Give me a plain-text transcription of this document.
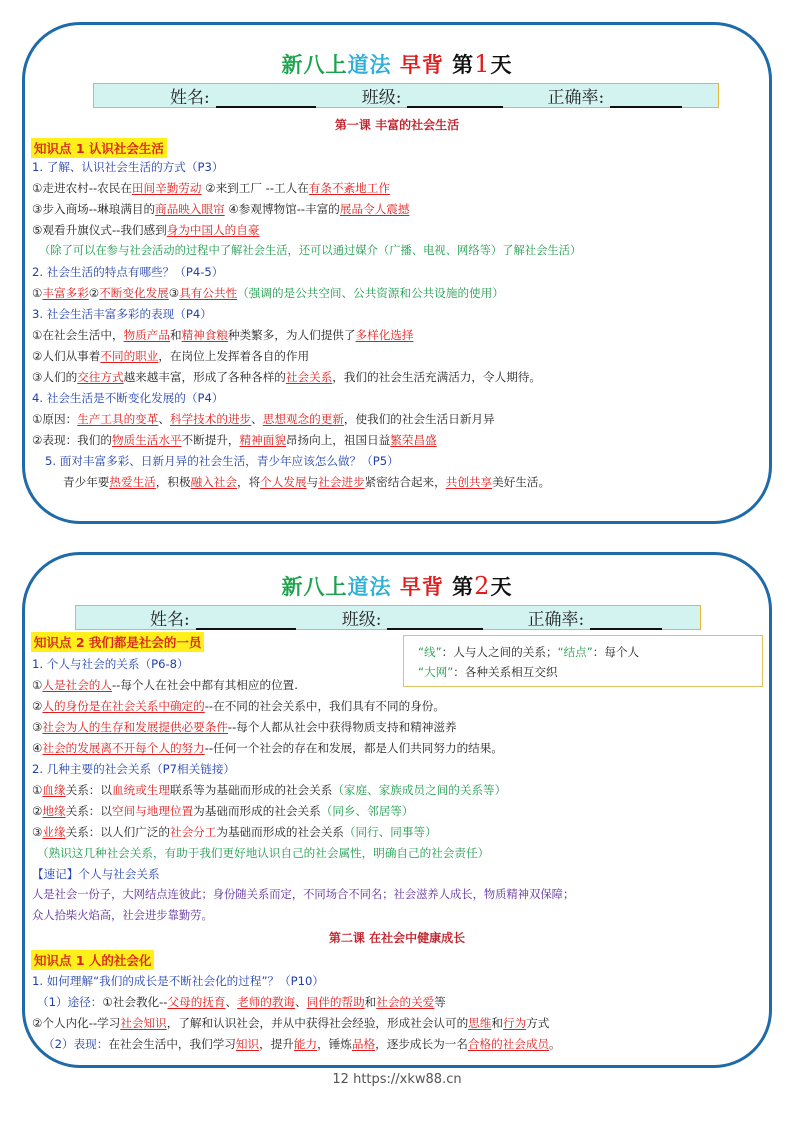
新八上道法 早背 第1天
姓名:	班级:	正确率:
第一课 丰富的社会生活
知识点 1 认识社会生活
1. 了解、认识社会生活的方式（P3）
①走进农村--农民在田间辛勤劳动 ②来到工厂 --工人在有条不紊地工作
③步入商场--琳琅满目的商品映入眼帘 ④参观博物馆--丰富的展品令人震撼
⑤观看升旗仪式--我们感到身为中国人的自豪
（除了可以在参与社会活动的过程中了解社会生活，还可以通过媒介（广播、电视、网络等）了解社会生活）
2. 社会生活的特点有哪些？（P4-5）
①丰富多彩②不断变化发展③具有公共性（强调的是公共空间、公共资源和公共设施的使用）
3. 社会生活丰富多彩的表现（P4）
①在社会生活中，物质产品和精神食粮种类繁多，为人们提供了多样化选择
②人们从事着不同的职业，在岗位上发挥着各自的作用
③人们的交往方式越来越丰富，形成了各种各样的社会关系，我们的社会生活充满活力，令人期待。
4. 社会生活是不断变化发展的（P4）
①原因：生产工具的变革、科学技术的进步、思想观念的更新，使我们的社会生活日新月异
②表现：我们的物质生活水平不断提升，精神面貌昂扬向上，祖国日益繁荣昌盛
5. 面对丰富多彩、日新月异的社会生活，青少年应该怎么做？（P5）
青少年要热爱生活，积极融入社会，将个人发展与社会进步紧密结合起来，共创共享美好生活。
新八上道法 早背 第2天
姓名:	班级:	正确率:
知识点 2 我们都是社会的一员
“线”：人与人之间的关系；“结点”：每个人
“大网”：各种关系相互交织
1. 个人与社会的关系（P6-8）
①人是社会的人--每个人在社会中都有其相应的位置.
②人的身份是在社会关系中确定的--在不同的社会关系中，我们具有不同的身份。
③社会为人的生存和发展提供必要条件--每个人都从社会中获得物质支持和精神滋养
④社会的发展离不开每个人的努力--任何一个社会的存在和发展，都是人们共同努力的结果。
2. 几种主要的社会关系（P7相关链接）
①血缘关系：以血统或生理联系等为基础而形成的社会关系（家庭、家族成员之间的关系等）
②地缘关系：以空间与地理位置为基础而形成的社会关系（同乡、邻居等）
③业缘关系：以人们广泛的社会分工为基础而形成的社会关系（同行、同事等）
（熟识这几种社会关系，有助于我们更好地认识自己的社会属性，明确自己的社会责任）
【速记】个人与社会关系
人是社会一份子，大网结点连彼此；身份随关系而定，不同场合不同名；社会滋养人成长，物质精神双保障；
众人拾柴火焰高，社会进步靠勤劳。
第二课 在社会中健康成长
知识点 1 人的社会化
1. 如何理解“我们的成长是不断社会化的过程”？（P10）
（1）途径：①社会教化--父母的抚育、老师的教诲、同伴的帮助和社会的关爱等
②个人内化--学习社会知识，了解和认识社会，并从中获得社会经验，形成社会认可的思维和行为方式
（2）表现：在社会生活中，我们学习知识，提升能力，锤炼品格，逐步成长为一名合格的社会成员。
12 https://xkw88.cn
